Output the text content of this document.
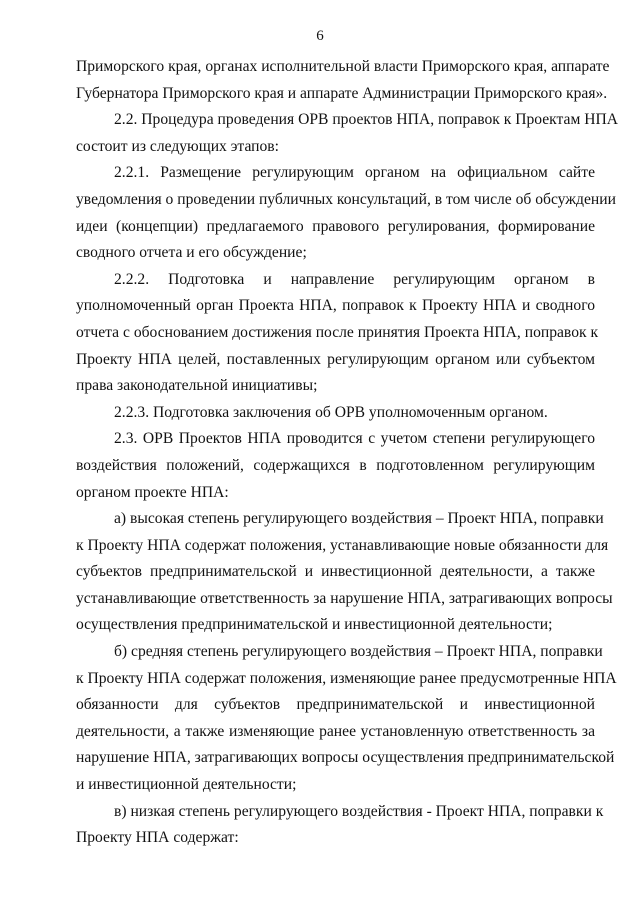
6
Приморского края, органах исполнительной власти Приморского края, аппарате
Губернатора Приморского края и аппарате Администрации Приморского края».
2.2. Процедура проведения ОРВ проектов НПА, поправок к Проектам НПА
состоит из следующих этапов:
2.2.1. Размещение регулирующим органом на официальном сайте
уведомления о проведении публичных консультаций, в том числе об обсуждении
идеи (концепции) предлагаемого правового регулирования, формирование
сводного отчета и его обсуждение;
2.2.2. Подготовка и направление регулирующим органом в
уполномоченный орган Проекта НПА, поправок к Проекту НПА и сводного
отчета с обоснованием достижения после принятия Проекта НПА, поправок к
Проекту НПА целей, поставленных регулирующим органом или субъектом
права законодательной инициативы;
2.2.3. Подготовка заключения об ОРВ уполномоченным органом.
2.3. ОРВ Проектов НПА проводится с учетом степени регулирующего
воздействия положений, содержащихся в подготовленном регулирующим
органом проекте НПА:
а) высокая степень регулирующего воздействия – Проект НПА, поправки
к Проекту НПА содержат положения, устанавливающие новые обязанности для
субъектов предпринимательской и инвестиционной деятельности, а также
устанавливающие ответственность за нарушение НПА, затрагивающих вопросы
осуществления предпринимательской и инвестиционной деятельности;
б) средняя степень регулирующего воздействия – Проект НПА, поправки
к Проекту НПА содержат положения, изменяющие ранее предусмотренные НПА
обязанности для субъектов предпринимательской и инвестиционной
деятельности, а также изменяющие ранее установленную ответственность за
нарушение НПА, затрагивающих вопросы осуществления предпринимательской
и инвестиционной деятельности;
в) низкая степень регулирующего воздействия - Проект НПА, поправки к
Проекту НПА содержат:
